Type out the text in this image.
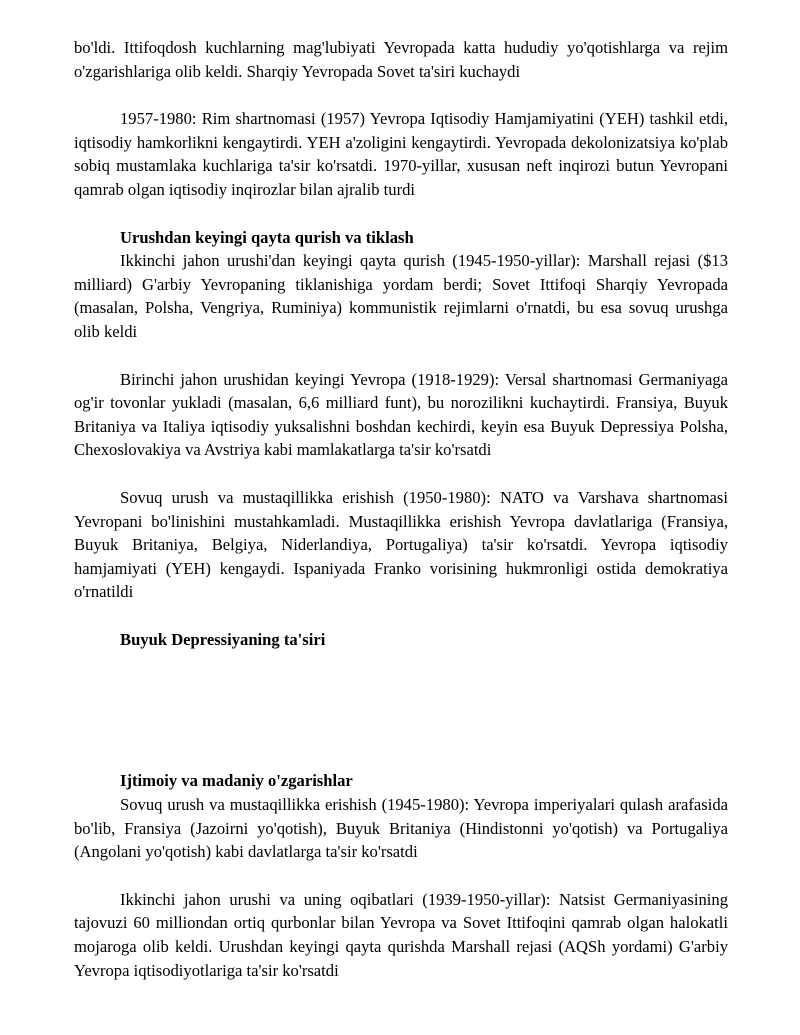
bo'ldi. Ittifoqdosh kuchlarning mag'lubiyati Yevropada katta hududiy yo'qotishlarga va rejim o'zgarishlariga olib keldi. Sharqiy Yevropada Sovet ta'siri kuchaydi

1957-1980: Rim shartnomasi (1957) Yevropa Iqtisodiy Hamjamiyatini (YEH) tashkil etdi, iqtisodiy hamkorlikni kengaytirdi. YEH a'zoligini kengaytirdi. Yevropada dekolonizatsiya ko'plab sobiq mustamlaka kuchlariga ta'sir ko'rsatdi. 1970-yillar, xususan neft inqirozi butun Yevropani qamrab olgan iqtisodiy inqirozlar bilan ajralib turdi

Urushdan keyingi qayta qurish va tiklash

Ikkinchi jahon urushi'dan keyingi qayta qurish (1945-1950-yillar): Marshall rejasi ($13 milliard) G'arbiy Yevropaning tiklanishiga yordam berdi; Sovet Ittifoqi Sharqiy Yevropada (masalan, Polsha, Vengriya, Ruminiya) kommunistik rejimlarni o'rnatdi, bu esa sovuq urushga olib keldi

Birinchi jahon urushidan keyingi Yevropa (1918-1929): Versal shartnomasi Germaniyaga og'ir tovonlar yukladi (masalan, 6,6 milliard funt), bu norozilikni kuchaytirdi. Fransiya, Buyuk Britaniya va Italiya iqtisodiy yuksalishni boshdan kechirdi, keyin esa Buyuk Depressiya Polsha, Chexoslovakiya va Avstriya kabi mamlakatlarga ta'sir ko'rsatdi

Sovuq urush va mustaqillikka erishish (1950-1980): NATO va Varshava shartnomasi Yevropani bo'linishini mustahkamladi. Mustaqillikka erishish Yevropa davlatlariga (Fransiya, Buyuk Britaniya, Belgiya, Niderlandiya, Portugaliya) ta'sir ko'rsatdi. Yevropa iqtisodiy hamjamiyati (YEH) kengaydi. Ispaniyada Franko vorisining hukmronligi ostida demokratiya o'rnatildi

Buyuk Depressiyaning ta'siri
Ijtimoiy va madaniy o'zgarishlar

Sovuq urush va mustaqillikka erishish (1945-1980): Yevropa imperiyalari qulash arafasida bo'lib, Fransiya (Jazoirni yo'qotish), Buyuk Britaniya (Hindistonni yo'qotish) va Portugaliya (Angolani yo'qotish) kabi davlatlarga ta'sir ko'rsatdi

Ikkinchi jahon urushi va uning oqibatlari (1939-1950-yillar): Natsist Germaniyasining tajovuzi 60 milliondan ortiq qurbonlar bilan Yevropa va Sovet Ittifoqini qamrab olgan halokatli mojaroga olib keldi. Urushdan keyingi qayta qurishda Marshall rejasi (AQSh yordami) G'arbiy Yevropa iqtisodiyotlariga ta'sir ko'rsatdi
